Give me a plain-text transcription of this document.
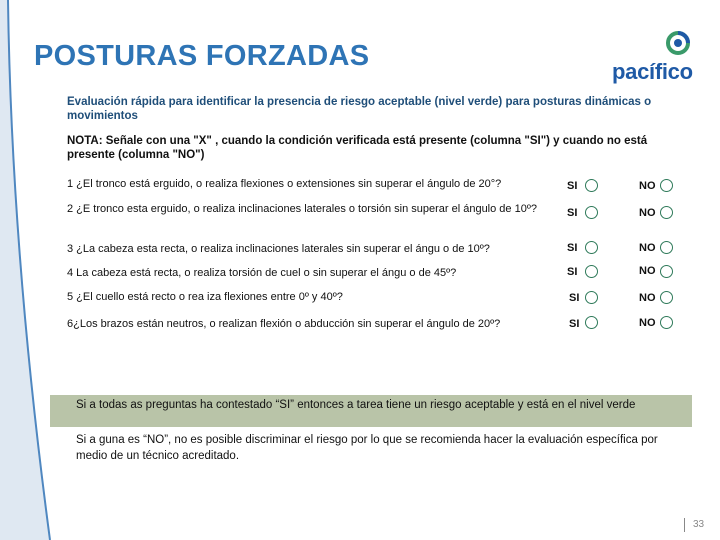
POSTURAS FORZADAS	pacífico
Evaluación rápida para identificar la presencia de riesgo aceptable (nivel verde) para posturas dinámicas o movimientos
NOTA: Señale con una "X" , cuando la condición verificada está presente (columna "SI") y cuando no está presente (columna "NO")
1 ¿El tronco está erguido, o realiza flexiones o extensiones sin superar el ángulo de 20°?	SI	NO
2 ¿E tronco esta erguido, o realiza inclinaciones laterales o torsión sin superar el ángulo de 10º?	SI	NO
3 ¿La cabeza esta recta, o realiza inclinaciones laterales sin superar el ángu o de 10º?	SI	NO
4 La cabeza está recta, o realiza torsión de cuel o sin superar el ángu o de 45º?	SI	NO
5 ¿El cuello está recto o rea iza flexiones entre 0º y 40º?	SI	NO
6¿Los brazos están neutros, o realizan flexión o abducción sin superar el ángulo de 20º?	SI	NO
Si a todas as preguntas ha contestado “SI” entonces a tarea tiene un riesgo aceptable y está en el nivel verde
Si a guna es “NO”, no es posible discriminar el riesgo por lo que se recomienda hacer la evaluación específica por medio de un técnico acreditado.
33
